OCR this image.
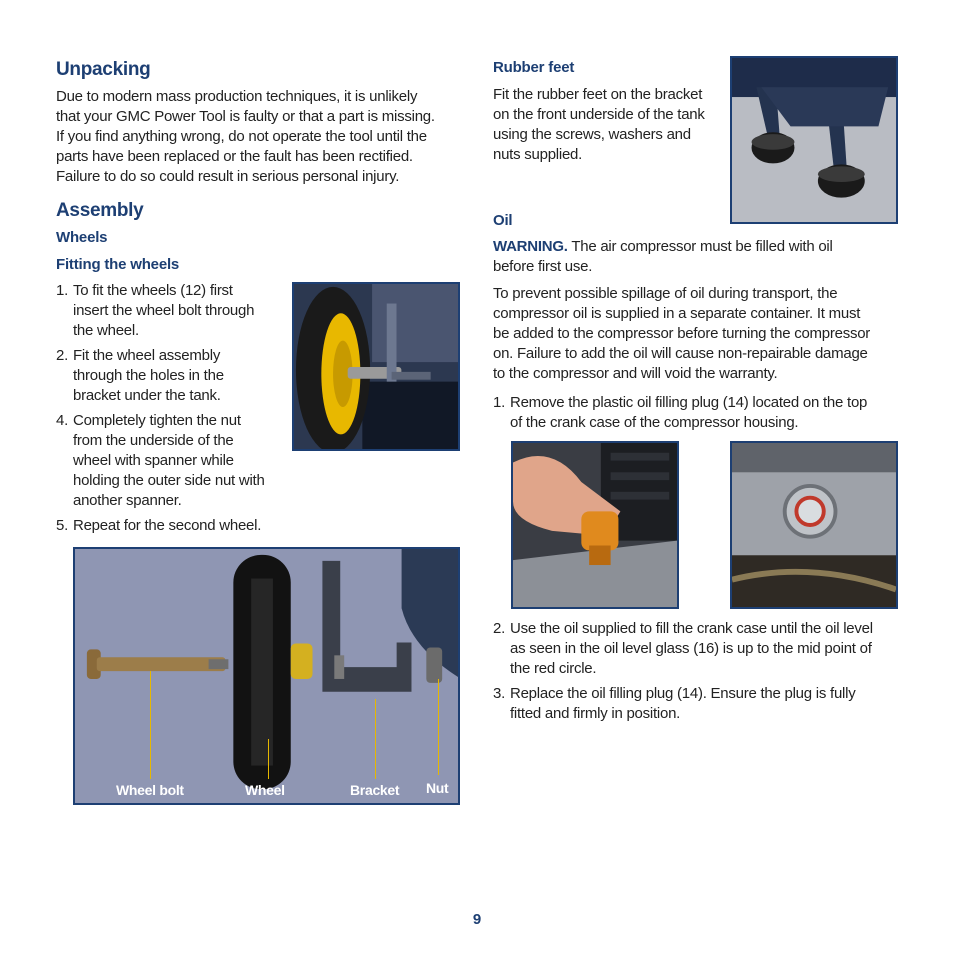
Unpacking
Due to modern mass production techniques, it is unlikely
that your GMC Power Tool is faulty or that a part is missing.
If you find anything wrong, do not operate the tool until the
parts have been replaced or the fault has been rectified.
Failure to do so could result in serious personal injury.
Assembly
Wheels
Fitting the wheels
1. To fit the wheels (12) first
insert the wheel bolt through
the wheel.
2. Fit the wheel assembly
through the holes in the
bracket under the tank.
4. Completely tighten the nut
from the underside of the
wheel with spanner while
holding the outer side nut with
another spanner.
5. Repeat for the second wheel.
Wheel bolt	Wheel	Bracket Nut
Rubber feet
Fit the rubber feet on the bracket
on the front underside of the tank
using the screws, washers and
nuts supplied.
Oil
WARNING. The air compressor must be filled with oil
before first use.
To prevent possible spillage of oil during transport, the
compressor oil is supplied in a separate container. It must
be added to the compressor before turning the compressor
on. Failure to add the oil will cause non-repairable damage
to the compressor and will void the warranty.
1. Remove the plastic oil filling plug (14) located on the top
of the crank case of the compressor housing.
2. Use the oil supplied to fill the crank case until the oil level
as seen in the oil level glass (16) is up to the mid point of
the red circle.
3. Replace the oil filling plug (14). Ensure the plug is fully
fitted and firmly in position.
9
